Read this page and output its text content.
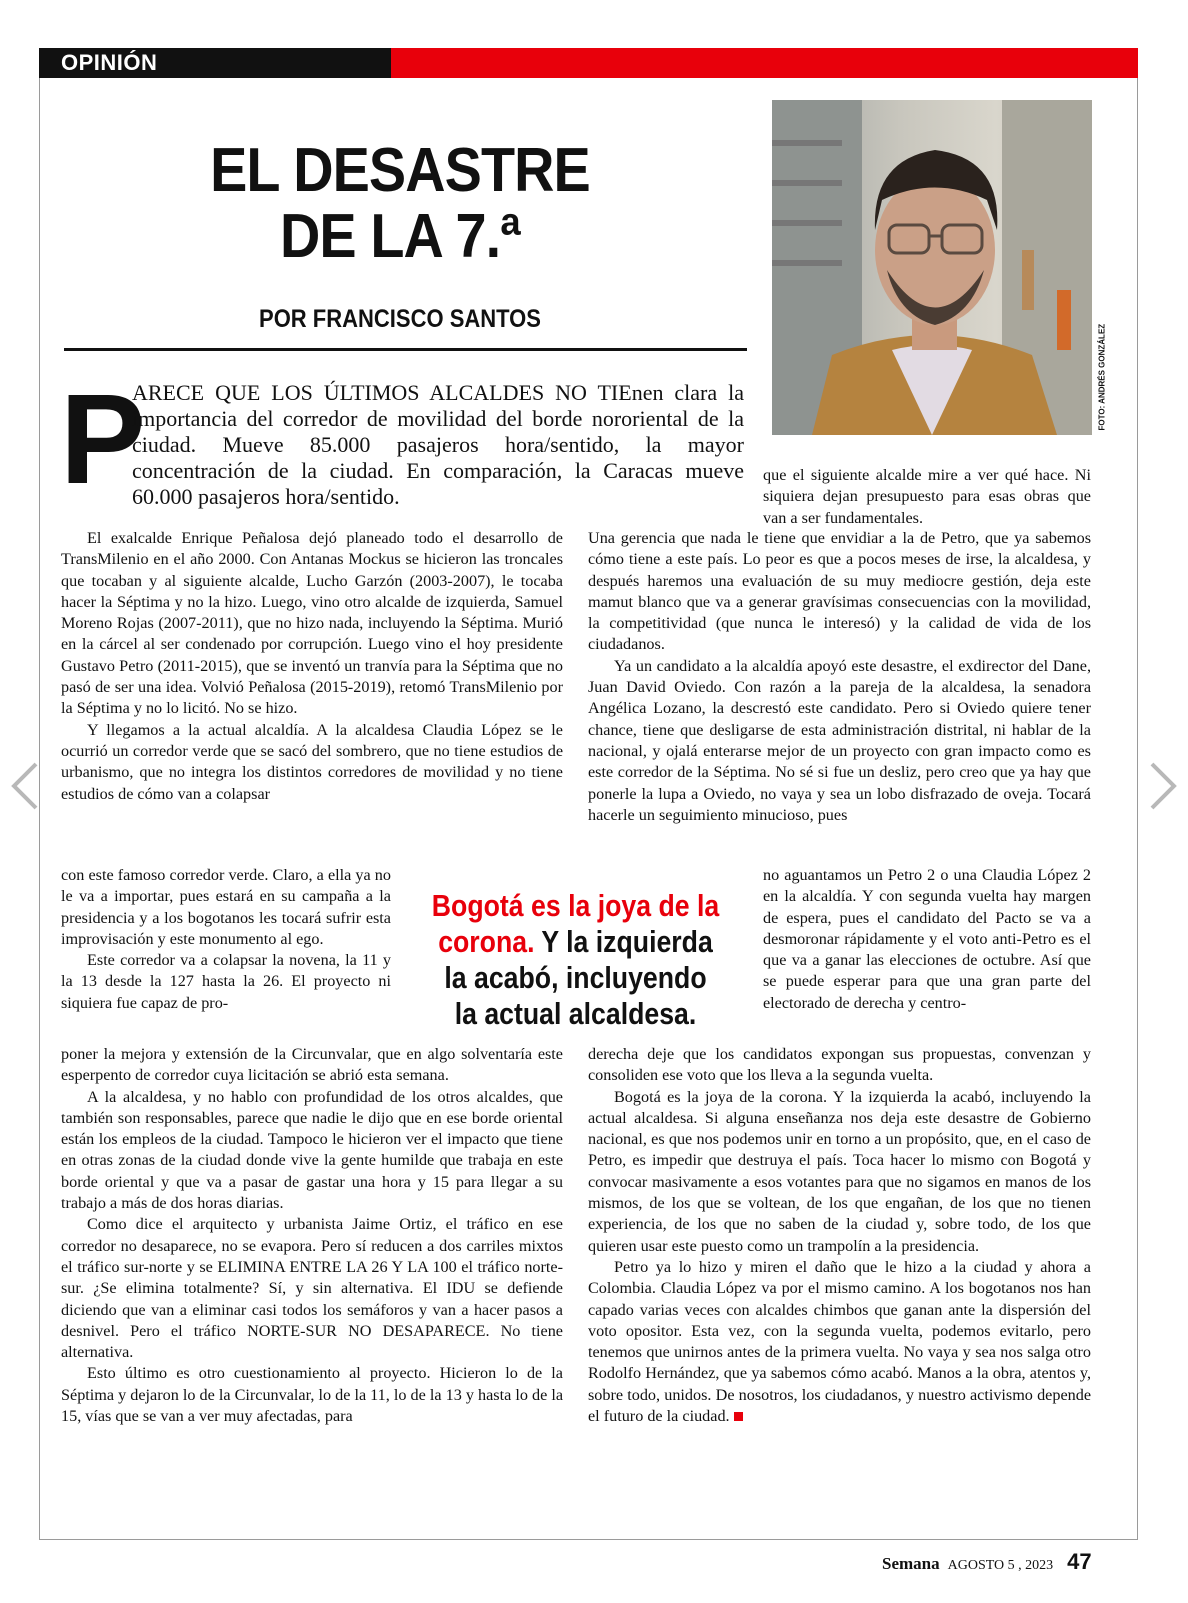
OPINIÓN
EL DESASTRE
DE LA 7.ª
POR FRANCISCO SANTOS
FOTO: ANDRÉS GONZÁLEZ
P

ARECE QUE LOS ÚLTIMOS ALCALDES NO TIEnen clara la importancia del corredor de movilidad del borde nororiental de la ciudad. Mueve 85.000 pasajeros hora/sentido, la mayor concentración de la ciudad. En comparación, la Caracas mueve 60.000 pasajeros hora/sentido.

que el siguiente alcalde mire a ver qué hace. Ni siquiera dejan presupuesto para esas obras que van a ser fundamentales.

El exalcalde Enrique Peñalosa dejó planeado todo el desarrollo de TransMilenio en el año 2000. Con Antanas Mockus se hicieron las troncales que tocaban y al siguiente alcalde, Lucho Garzón (2003-2007), le tocaba hacer la Séptima y no la hizo. Luego, vino otro alcalde de izquierda, Samuel Moreno Rojas (2007-2011), que no hizo nada, incluyendo la Séptima. Murió en la cárcel al ser condenado por corrupción. Luego vino el hoy presidente Gustavo Petro (2011-2015), que se inventó un tranvía para la Séptima que no pasó de ser una idea. Volvió Peñalosa (2015-2019), retomó TransMilenio por la Séptima y no lo licitó. No se hizo.

Y llegamos a la actual alcaldía. A la alcaldesa Claudia López se le ocurrió un corredor verde que se sacó del sombrero, que no tiene estudios de urbanismo, que no integra los distintos corredores de movilidad y no tiene estudios de cómo van a colapsar

con este famoso corredor verde. Claro, a ella ya no le va a importar, pues estará en su campaña a la presidencia y a los bogotanos les tocará sufrir esta improvisación y este monumento al ego.

Este corredor va a colapsar la novena, la 11 y la 13 desde la 127 hasta la 26. El proyecto ni siquiera fue capaz de pro-

Bogotá es la joya de la corona. Y la izquierda la acabó, incluyendo la actual alcaldesa.

poner la mejora y extensión de la Circunvalar, que en algo solventaría este esperpento de corredor cuya licitación se abrió esta semana.

A la alcaldesa, y no hablo con profundidad de los otros alcaldes, que también son responsables, parece que nadie le dijo que en ese borde oriental están los empleos de la ciudad. Tampoco le hicieron ver el impacto que tiene en otras zonas de la ciudad donde vive la gente humilde que trabaja en este borde oriental y que va a pasar de gastar una hora y 15 para llegar a su trabajo a más de dos horas diarias.

Como dice el arquitecto y urbanista Jaime Ortiz, el tráfico en ese corredor no desaparece, no se evapora. Pero sí reducen a dos carriles mixtos el tráfico sur-norte y se ELIMINA ENTRE LA 26 Y LA 100 el tráfico norte-sur. ¿Se elimina totalmente? Sí, y sin alternativa. El IDU se defiende diciendo que van a eliminar casi todos los semáforos y van a hacer pasos a desnivel. Pero el tráfico NORTE-SUR NO DESAPARECE. No tiene alternativa.

Esto último es otro cuestionamiento al proyecto. Hicieron lo de la Séptima y dejaron lo de la Circunvalar, lo de la 11, lo de la 13 y hasta lo de la 15, vías que se van a ver muy afectadas, para

Una gerencia que nada le tiene que envidiar a la de Petro, que ya sabemos cómo tiene a este país. Lo peor es que a pocos meses de irse, la alcaldesa, y después haremos una evaluación de su muy mediocre gestión, deja este mamut blanco que va a generar gravísimas consecuencias con la movilidad, la competitividad (que nunca le interesó) y la calidad de vida de los ciudadanos.

Ya un candidato a la alcaldía apoyó este desastre, el exdirector del Dane, Juan David Oviedo. Con razón a la pareja de la alcaldesa, la senadora Angélica Lozano, la descrestó este candidato. Pero si Oviedo quiere tener chance, tiene que desligarse de esta administración distrital, ni hablar de la nacional, y ojalá enterarse mejor de un proyecto con gran impacto como es este corredor de la Séptima. No sé si fue un desliz, pero creo que ya hay que ponerle la lupa a Oviedo, no vaya y sea un lobo disfrazado de oveja. Tocará hacerle un seguimiento minucioso, pues

no aguantamos un Petro 2 o una Claudia López 2 en la alcaldía. Y con segunda vuelta hay margen de espera, pues el candidato del Pacto se va a desmoronar rápidamente y el voto anti-Petro es el que va a ganar las elecciones de octubre. Así que se puede esperar para que una gran parte del electorado de derecha y centro-

derecha deje que los candidatos expongan sus propuestas, convenzan y consoliden ese voto que los lleva a la segunda vuelta.

Bogotá es la joya de la corona. Y la izquierda la acabó, incluyendo la actual alcaldesa. Si alguna enseñanza nos deja este desastre de Gobierno nacional, es que nos podemos unir en torno a un propósito, que, en el caso de Petro, es impedir que destruya el país. Toca hacer lo mismo con Bogotá y convocar masivamente a esos votantes para que no sigamos en manos de los mismos, de los que se voltean, de los que engañan, de los que no tienen experiencia, de los que no saben de la ciudad y, sobre todo, de los que quieren usar este puesto como un trampolín a la presidencia.

Petro ya lo hizo y miren el daño que le hizo a la ciudad y ahora a Colombia. Claudia López va por el mismo camino. A los bogotanos nos han capado varias veces con alcaldes chimbos que ganan ante la dispersión del voto opositor. Esta vez, con la segunda vuelta, podemos evitarlo, pero tenemos que unirnos antes de la primera vuelta. No vaya y sea nos salga otro Rodolfo Hernández, que ya sabemos cómo acabó. Manos a la obra, atentos y, sobre todo, unidos. De nosotros, los ciudadanos, y nuestro activismo depende el futuro de la ciudad.

Semana AGOSTO 5 , 2023 47
